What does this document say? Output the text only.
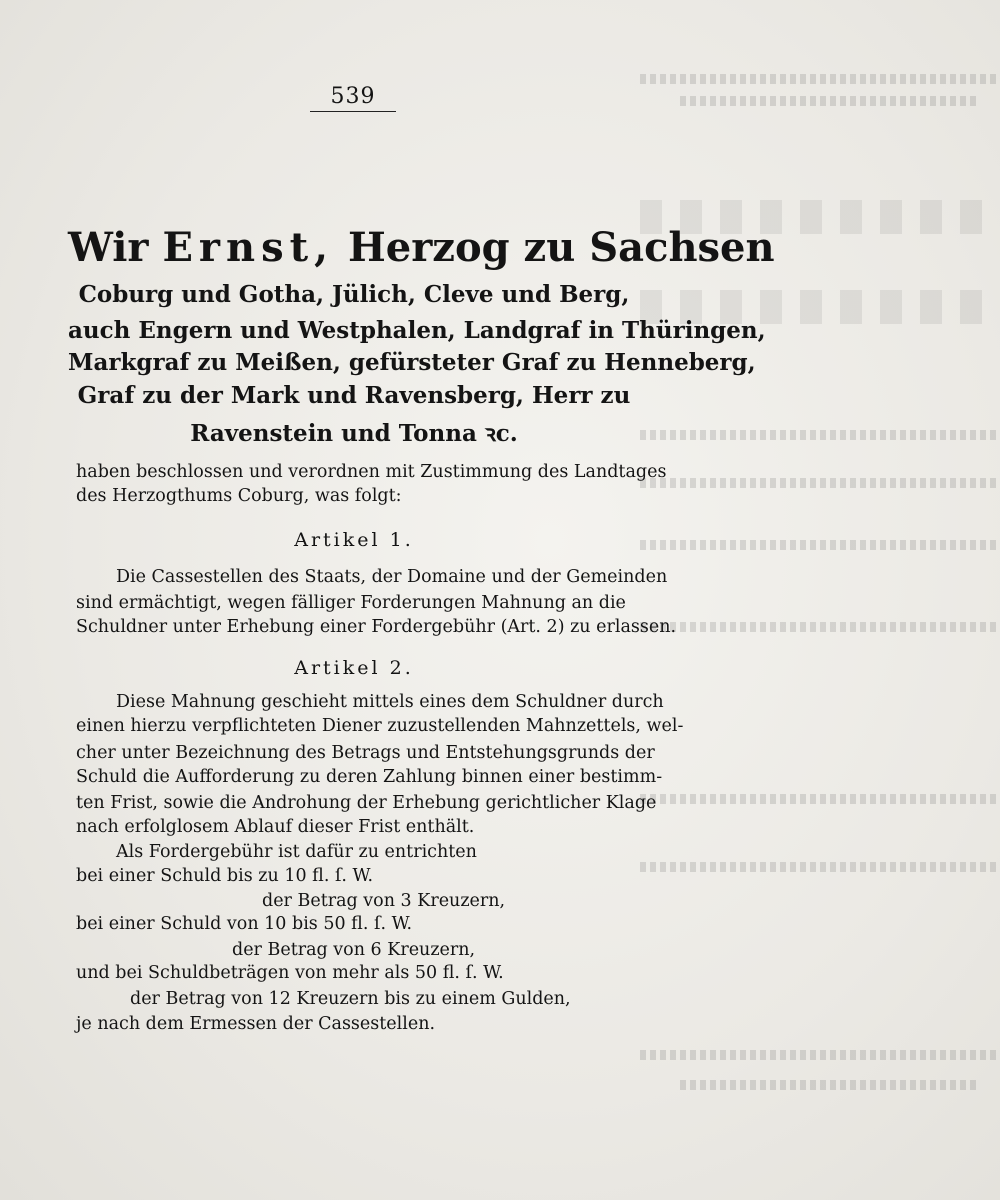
539
Wir Ernst, Herzog zu Sachsen
Coburg und Gotha, Jülich, Cleve und Berg,
auch Engern und Westphalen, Landgraf in Thüringen,
Markgraf zu Meißen, gefürsteter Graf zu Henneberg,
Graf zu der Mark und Ravensberg, Herr zu
Ravenstein und Tonna ꝛc.
haben beschlossen und verordnen mit Zustimmung des Landtages
des Herzogthums Coburg, was folgt:
Artikel 1.
Die Cassestellen des Staats, der Domaine und der Gemeinden
sind ermächtigt, wegen fälliger Forderungen Mahnung an die
Schuldner unter Erhebung einer Fordergebühr (Art. 2) zu erlassen.
Artikel 2.
Diese Mahnung geschieht mittels eines dem Schuldner durch
einen hierzu verpflichteten Diener zuzustellenden Mahnzettels, wel-
cher unter Bezeichnung des Betrags und Entstehungsgrunds der
Schuld die Aufforderung zu deren Zahlung binnen einer bestimm-
ten Frist, sowie die Androhung der Erhebung gerichtlicher Klage
nach erfolglosem Ablauf dieser Frist enthält.
Als Fordergebühr ist dafür zu entrichten
bei einer Schuld bis zu 10 fl. ſ. W.
der Betrag von 3 Kreuzern,
bei einer Schuld von 10 bis 50 fl. ſ. W.
der Betrag von 6 Kreuzern,
und bei Schuldbeträgen von mehr als 50 fl. ſ. W.
der Betrag von 12 Kreuzern bis zu einem Gulden,
je nach dem Ermessen der Cassestellen.
